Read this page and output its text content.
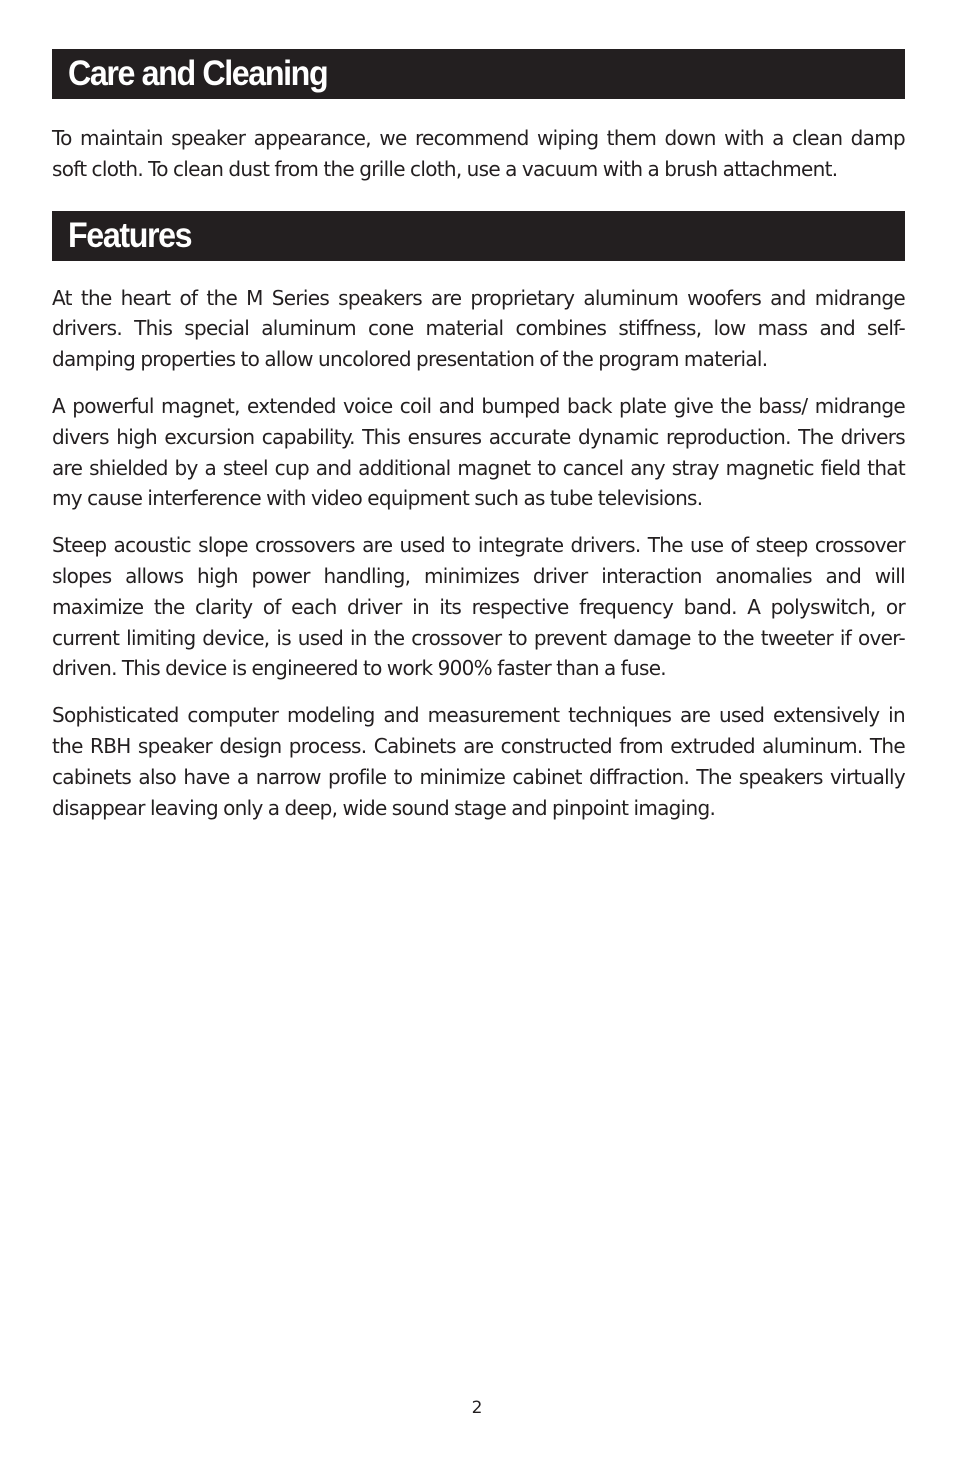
Care and Cleaning

To maintain speaker appearance, we recommend wiping them down with a clean damp soft cloth. To clean dust from the grille cloth, use a vacuum with a brush attachment.

Features

At the heart of the M Series speakers are proprietary aluminum woofers and midrange drivers. This special aluminum cone material combines stiffness, low mass and self-damping properties to allow uncolored presentation of the program material.

A powerful magnet, extended voice coil and bumped back plate give the bass/ midrange divers high excursion capability. This ensures accurate dynamic reproduction. The drivers are shielded by a steel cup and additional magnet to cancel any stray magnetic field that my cause interference with video equipment such as tube televisions.

Steep acoustic slope crossovers are used to integrate drivers. The use of steep crossover slopes allows high power handling, minimizes driver interaction anomalies and will maximize the clarity of each driver in its respective frequency band. A polyswitch, or current limiting device, is used in the crossover to prevent damage to the tweeter if over-driven. This device is engineered to work 900% faster than a fuse.

Sophisticated computer modeling and measurement techniques are used extensively in the RBH speaker design process. Cabinets are constructed from extruded aluminum. The cabinets also have a narrow profile to minimize cabinet diffraction. The speakers virtually disappear leaving only a deep, wide sound stage and pinpoint imaging.

2
